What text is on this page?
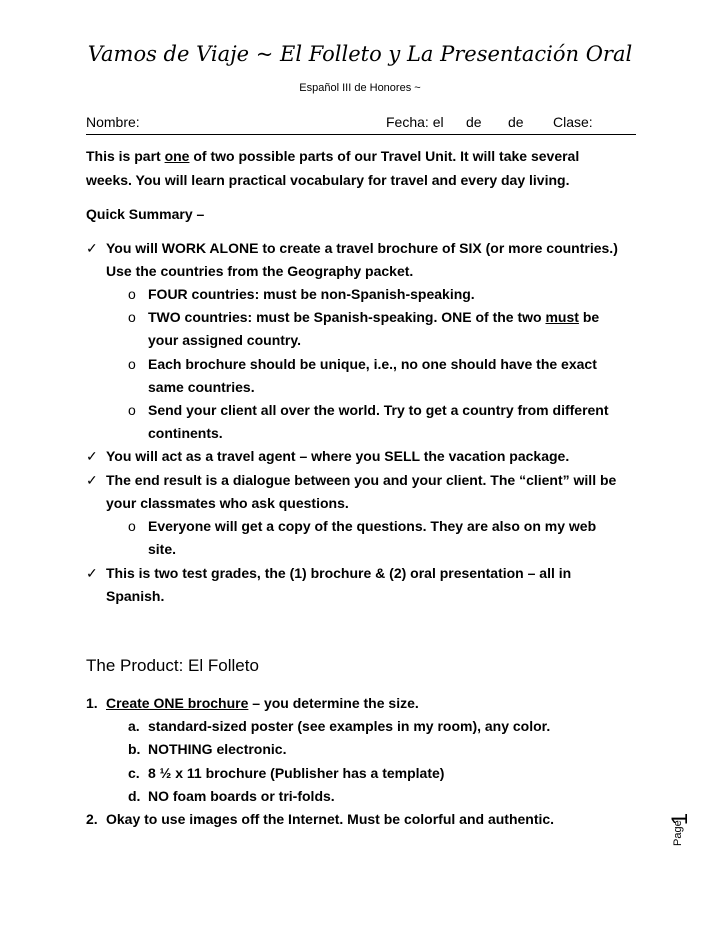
Vamos de Viaje ~ El Folleto y La Presentación Oral
Español III de Honores ~
Nombre:	Fecha: el de de Clase:
This is part one of two possible parts of our Travel Unit. It will take several
weeks. You will learn practical vocabulary for travel and every day living.
Quick Summary –
✓ You will WORK ALONE to create a travel brochure of SIX (or more countries.)
Use the countries from the Geography packet.
o FOUR countries: must be non-Spanish-speaking.
o TWO countries: must be Spanish-speaking. ONE of the two must be
your assigned country.
o Each brochure should be unique, i.e., no one should have the exact
same countries.
o Send your client all over the world. Try to get a country from different
continents.
✓ You will act as a travel agent – where you SELL the vacation package.
✓ The end result is a dialogue between you and your client. The “client” will be
your classmates who ask questions.
o Everyone will get a copy of the questions. They are also on my web
site.
✓ This is two test grades, the (1) brochure & (2) oral presentation – all in
Spanish.
The Product: El Folleto
1. Create ONE brochure – you determine the size.
a. standard-sized poster (see examples in my room), any color.
b. NOTHING electronic.
c. 8 ½ x 11 brochure (Publisher has a template)
d. NO foam boards or tri-folds.
2. Okay to use images off the Internet. Must be colorful and authentic.
Page
1
